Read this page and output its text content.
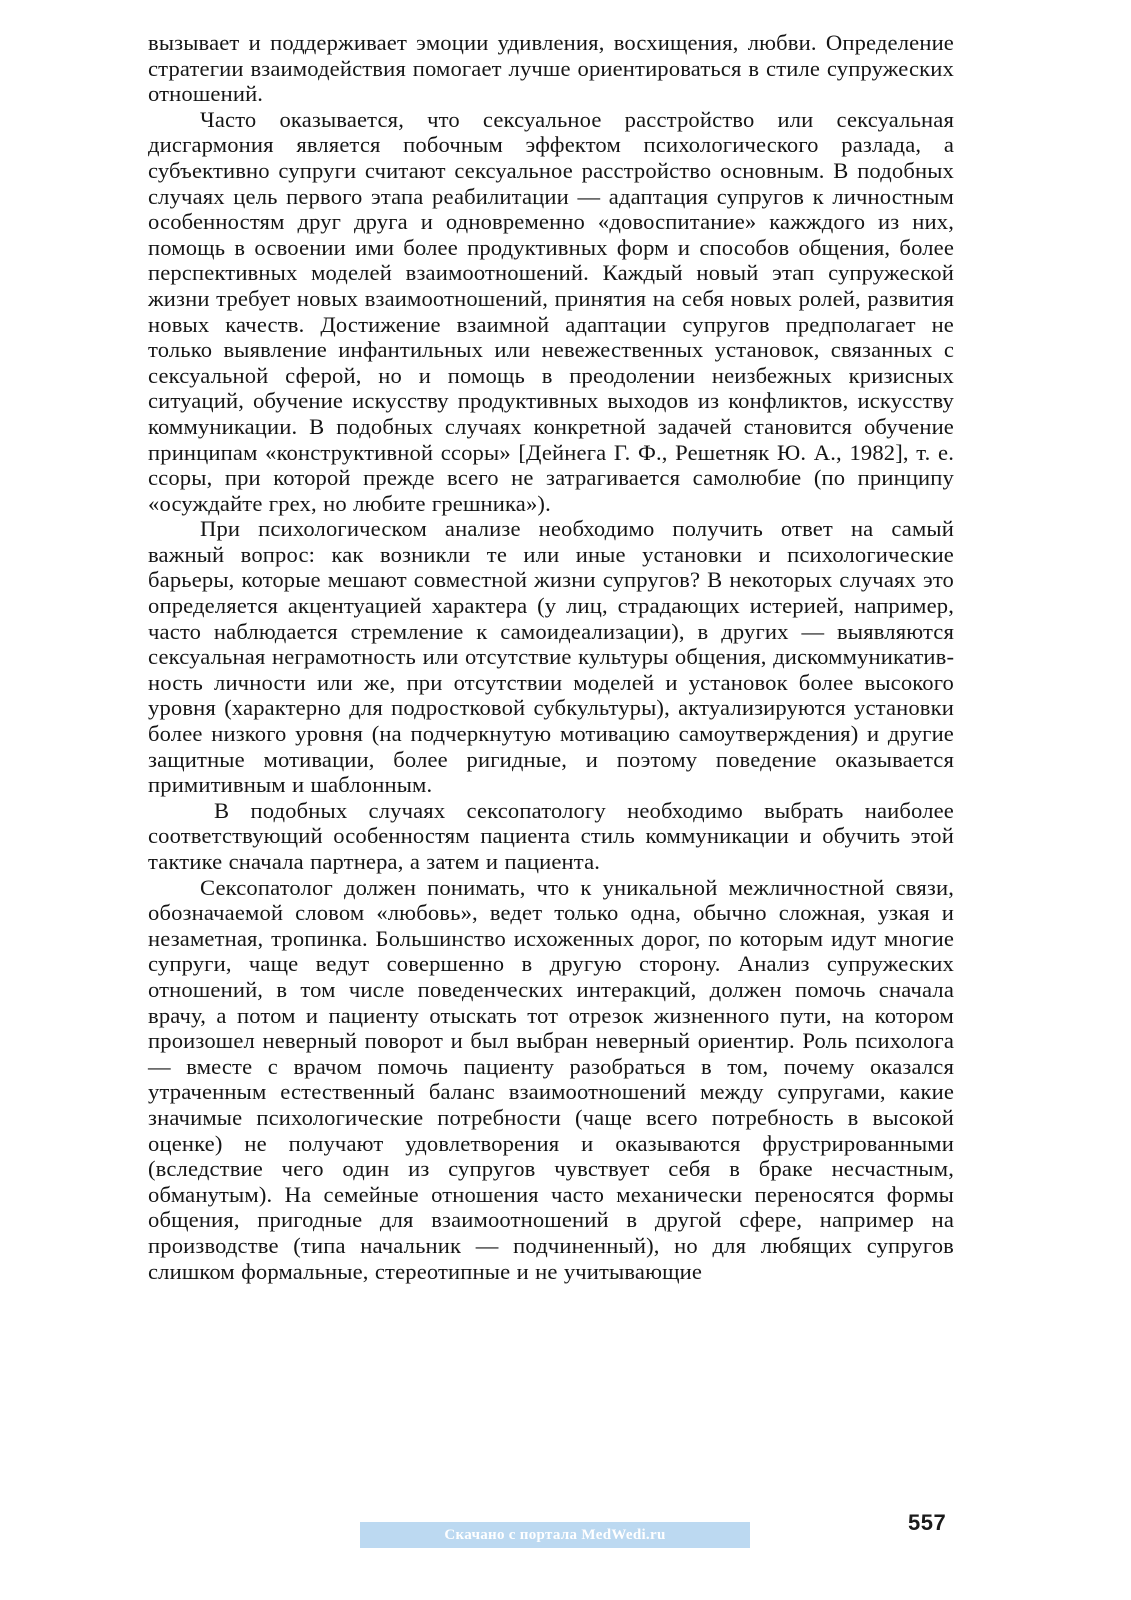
вызывает и поддерживает эмоции удивления, восхищения, любви. Определение стратегии взаимодействия помогает лучше ориентироваться в стиле супружеских отношений.

Часто оказывается, что сексуальное расстройство или сексуальная дисгармония является побочным эффектом психологического разлада, а субъективно супруги считают сексуальное расстройство основным. В подобных случаях цель первого этапа реабилитации — адаптация супругов к личностным особенностям друг друга и одновременно «довоспитание» кажждого из них, помощь в освоении ими более продуктивных форм и способов общения, более перспективных моделей взаимоотношений. Каждый новый этап супружеской жизни требует новых взаимоотношений, принятия на себя новых ролей, развития новых качеств. Достижение взаимной адаптации супругов предполагает не только выявление инфантильных или невежественных установок, связанных с сексуальной сферой, но и помощь в преодолении неизбежных кризисных ситуаций, обучение искусству продуктивных выходов из конфликтов, искусству коммуникации. В подобных случаях конкретной задачей становится обучение принципам «конструктивной ссоры» [Дейнега Г. Ф., Решетняк Ю. А., 1982], т. е. ссоры, при которой прежде всего не затрагивается самолюбие (по принципу «осуждайте грех, но любите грешника»).

При психологическом анализе необходимо получить ответ на самый важный вопрос: как возникли те или иные установки и психологические барьеры, которые мешают совместной жизни супругов? В некоторых случаях это определяется акцентуацией характера (у лиц, страдающих истерией, например, часто наблюдается стремление к самоидеализации), в других — выявляются сексуальная неграмотность или отсутствие культуры общения, дискоммуникативность личности или же, при отсутствии моделей и установок более высокого уровня (характерно для подростковой субкультуры), актуализируются установки более низкого уровня (на подчеркнутую мотивацию самоутверждения) и другие защитные мотивации, более ригидные, и поэтому поведение оказывается примитивным и шаблонным.

В подобных случаях сексопатологу необходимо выбрать наиболее соответствующий особенностям пациента стиль коммуникации и обучить этой тактике сначала партнера, а затем и пациента.

Сексопатолог должен понимать, что к уникальной межличностной связи, обозначаемой словом «любовь», ведет только одна, обычно сложная, узкая и незаметная, тропинка. Большинство исхоженных дорог, по которым идут многие супруги, чаще ведут совершенно в другую сторону. Анализ супружеских отношений, в том числе поведенческих интеракций, должен помочь сначала врачу, а потом и пациенту отыскать тот отрезок жизненного пути, на котором произошел неверный поворот и был выбран неверный ориентир. Роль психолога — вместе с врачом помочь пациенту разобраться в том, почему оказался утраченным естественный баланс взаимоотношений между супругами, какие значимые психологические потребности (чаще всего потребность в высокой оценке) не получают удовлетворения и оказываются фрустрированными (вследствие чего один из супругов чувствует себя в браке несчастным, обманутым). На семейные отношения часто механически переносятся формы общения, пригодные для взаимоотношений в другой сфере, например на производстве (типа начальник — подчиненный), но для любящих супругов слишком формальные, стереотипные и не учитывающие

557
Скачано с портала MedWedi.ru
